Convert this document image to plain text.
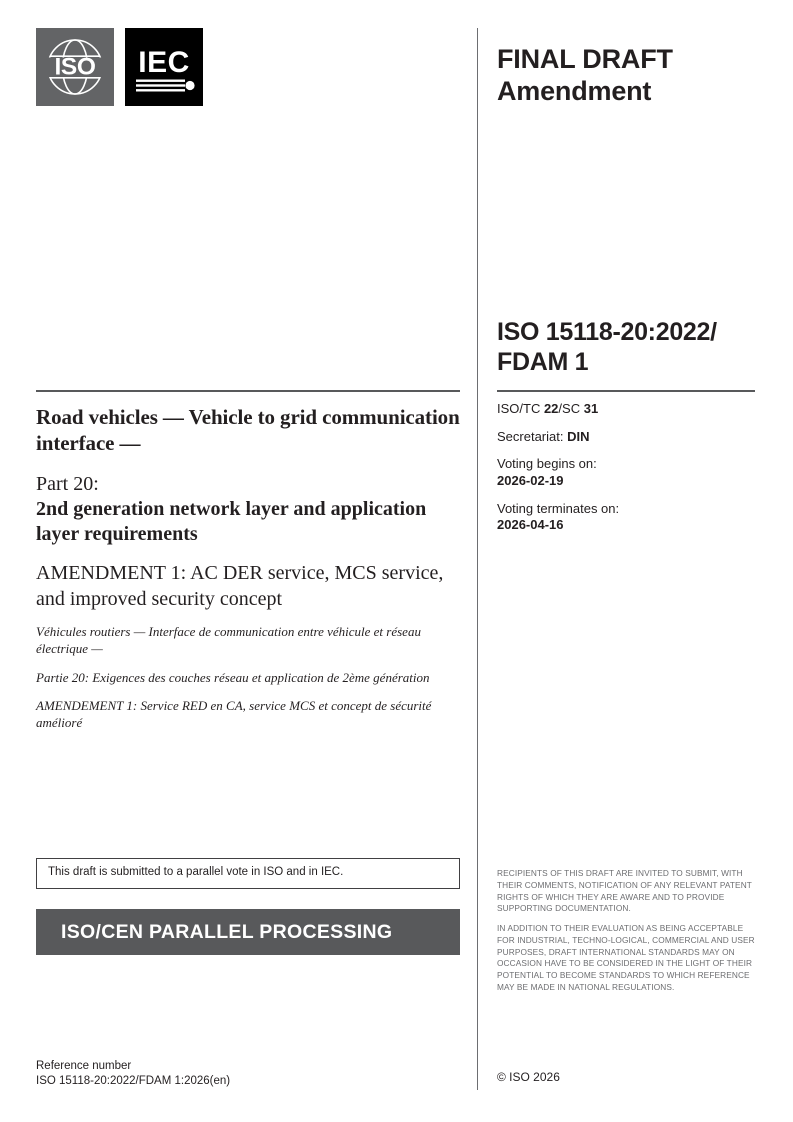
ISO IEC
Road vehicles — Vehicle to grid communication interface —
Part 20:
2nd generation network layer and application layer requirements
AMENDMENT 1: AC DER service, MCS service, and improved security concept

Véhicules routiers — Interface de communication entre véhicule et réseau électrique —

Partie 20: Exigences des couches réseau et application de 2ème génération

AMENDEMENT 1: Service RED en CA, service MCS et concept de sécurité amélioré

This draft is submitted to a parallel vote in ISO and in IEC.
ISO/CEN PARALLEL PROCESSING
Reference number
ISO 15118-20:2022/FDAM 1:2026(en)
FINAL DRAFT
Amendment
ISO 15118-20:2022/
FDAM 1
ISO/TC 22/SC 31
Secretariat: DIN
Voting begins on:
2026-02-19
Voting terminates on:
2026-04-16

RECIPIENTS OF THIS DRAFT ARE INVITED TO SUBMIT, WITH THEIR COMMENTS, NOTIFICATION OF ANY RELEVANT PATENT RIGHTS OF WHICH THEY ARE AWARE AND TO PROVIDE SUPPORTING DOCUMENTATION.

IN ADDITION TO THEIR EVALUATION AS BEING ACCEPTABLE FOR INDUSTRIAL, TECHNO-LOGICAL, COMMERCIAL AND USER PURPOSES, DRAFT INTERNATIONAL STANDARDS MAY ON OCCASION HAVE TO BE CONSIDERED IN THE LIGHT OF THEIR POTENTIAL TO BECOME STANDARDS TO WHICH REFERENCE MAY BE MADE IN NATIONAL REGULATIONS.

© ISO 2026
